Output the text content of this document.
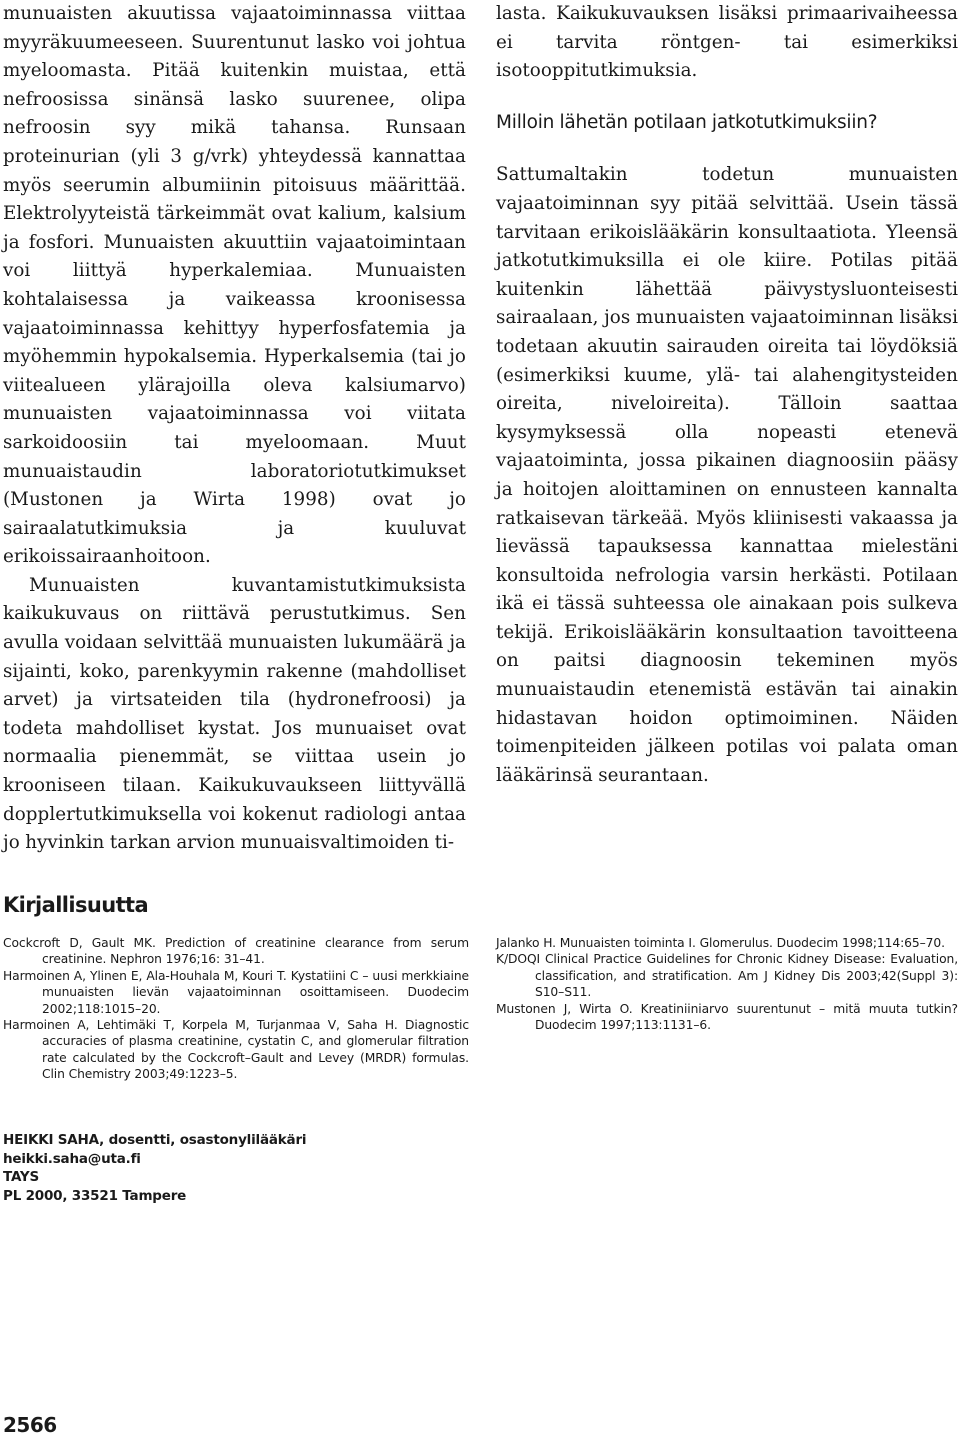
munuaisten akuutissa vajaatoiminnassa viittaa myyräkuumeeseen. Suurentunut lasko voi johtua myeloomasta. Pitää kuitenkin muistaa, että nefroosissa sinänsä lasko suurenee, olipa nefroosin syy mikä tahansa. Runsaan proteinurian (yli 3 g/vrk) yhteydessä kannattaa myös seerumin albumiinin pitoisuus määrittää. Elektrolyyteistä tärkeimmät ovat kalium, kalsium ja fosfori. Munuaisten akuuttiin vajaatoimintaan voi liittyä hyperkalemiaa. Munuaisten kohtalaisessa ja vaikeassa kroonisessa vajaatoiminnassa kehittyy hyperfosfatemia ja myöhemmin hypokalsemia. Hyperkalsemia (tai jo viitealueen ylärajoilla oleva kalsiumarvo) munuaisten vajaatoiminnassa voi viitata sarkoidoosiin tai myeloomaan. Muut munuaistaudin laboratoriotutkimukset (Mustonen ja Wirta 1998) ovat jo sairaalatutkimuksia ja kuuluvat erikoissairaanhoitoon.

Munuaisten kuvantamistutkimuksista kaikukuvaus on riittävä perustutkimus. Sen avulla voidaan selvittää munuaisten lukumäärä ja sijainti, koko, parenkyymin rakenne (mahdolliset arvet) ja virtsateiden tila (hydronefroosi) ja todeta mahdolliset kystat. Jos munuaiset ovat normaalia pienemmät, se viittaa usein jo krooniseen tilaan. Kaikukuvaukseen liittyvällä dopplertutkimuksella voi kokenut radiologi antaa jo hyvinkin tarkan arvion munuaisvaltimoiden ti-

lasta. Kaikukuvauksen lisäksi primaarivaiheessa ei tarvita röntgen- tai esimerkiksi isotooppitutkimuksia.

Milloin lähetän potilaan jatkotutkimuksiin?

Sattumaltakin todetun munuaisten vajaatoiminnan syy pitää selvittää. Usein tässä tarvitaan erikoislääkärin konsultaatiota. Yleensä jatkotutkimuksilla ei ole kiire. Potilas pitää kuitenkin lähettää päivystysluonteisesti sairaalaan, jos munuaisten vajaatoiminnan lisäksi todetaan akuutin sairauden oireita tai löydöksiä (esimerkiksi kuume, ylä- tai alahengitysteiden oireita, niveloireita). Tälloin saattaa kysymyksessä olla nopeasti etenevä vajaatoiminta, jossa pikainen diagnoosiin pääsy ja hoitojen aloittaminen on ennusteen kannalta ratkaisevan tärkeää. Myös kliinisesti vakaassa ja lievässä tapauksessa kannattaa mielestäni konsultoida nefrologia varsin herkästi. Potilaan ikä ei tässä suhteessa ole ainakaan pois sulkeva tekijä. Erikoislääkärin konsultaation tavoitteena on paitsi diagnoosin tekeminen myös munuaistaudin etenemistä estävän tai ainakin hidastavan hoidon optimoiminen. Näiden toimenpiteiden jälkeen potilas voi palata oman lääkärinsä seurantaan.

Kirjallisuutta
Cockcroft D, Gault MK. Prediction of creatinine clearance from serum creatinine. Nephron 1976;16: 31–41.
Harmoinen A, Ylinen E, Ala-Houhala M, Kouri T. Kystatiini C – uusi merkkiaine munuaisten lievän vajaatoiminnan osoittamiseen. Duodecim 2002;118:1015–20.
Harmoinen A, Lehtimäki T, Korpela M, Turjanmaa V, Saha H. Diagnostic accuracies of plasma creatinine, cystatin C, and glomerular filtration rate calculated by the Cockcroft–Gault and Levey (MRDR) formulas. Clin Chemistry 2003;49:1223–5.
Jalanko H. Munuaisten toiminta I. Glomerulus. Duodecim 1998;114:65–70.
K/DOQI Clinical Practice Guidelines for Chronic Kidney Disease: Evaluation, classification, and stratification. Am J Kidney Dis 2003;42(Suppl 3): S10–S11.
Mustonen J, Wirta O. Kreatiniiniarvo suurentunut – mitä muuta tutkin? Duodecim 1997;113:1131–6.
HEIKKI SAHA, dosentti, osastonylilääkäri
heikki.saha@uta.fi
TAYS
PL 2000, 33521 Tampere
2566
